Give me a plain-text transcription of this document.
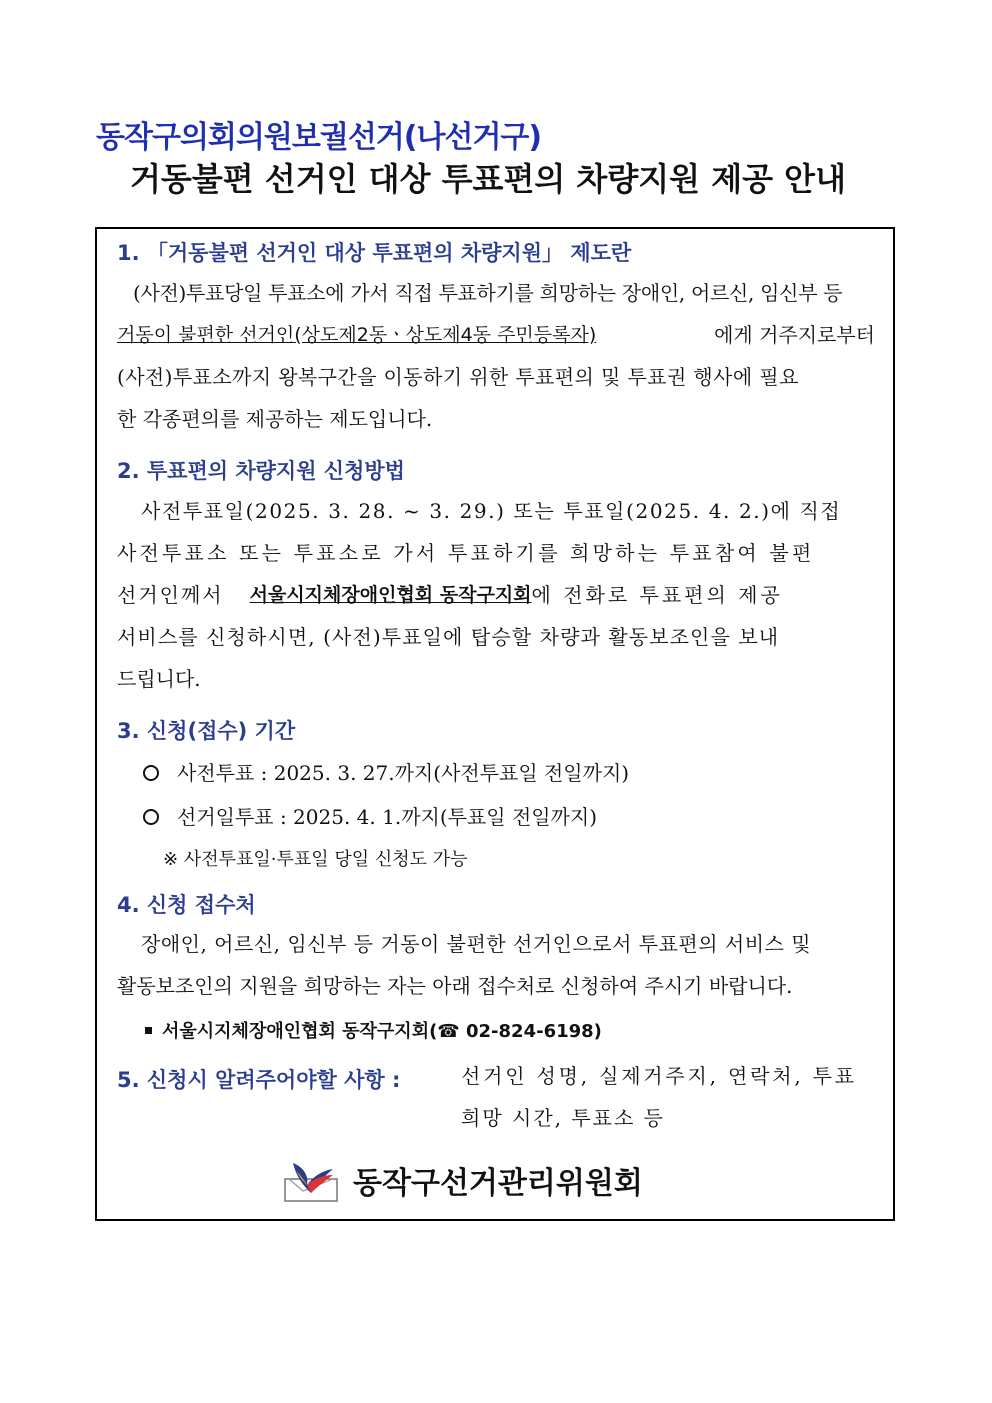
동작구의회의원보궐선거(나선거구)
거동불편 선거인 대상 투표편의 차량지원 제공 안내
1. 「거동불편 선거인 대상 투표편의 차량지원」 제도란
(사전)투표당일 투표소에 가서 직접 투표하기를 희망하는 장애인, 어르신, 임신부 등
거동이 불편한 선거인(상도제2동ㆍ상도제4동 주민등록자)	에게 거주지로부터
(사전)투표소까지 왕복구간을 이동하기 위한 투표편의 및 투표권 행사에 필요
한 각종편의를 제공하는 제도입니다.
2. 투표편의 차량지원 신청방법
사전투표일(2025. 3. 28. ~ 3. 29.) 또는 투표일(2025. 4. 2.)에 직접
사전투표소 또는 투표소로 가서 투표하기를 희망하는 투표참여 불편
선거인께서 서울시지체장애인협회 동작구지회 에 전화로 투표편의 제공
서비스를 신청하시면, (사전)투표일에 탑승할 차량과 활동보조인을 보내
드립니다.
3. 신청(접수) 기간
사전투표 : 2025. 3. 27.까지(사전투표일 전일까지)
선거일투표 : 2025. 4. 1.까지(투표일 전일까지)
※ 사전투표일·투표일 당일 신청도 가능
4. 신청 접수처
장애인, 어르신, 임신부 등 거동이 불편한 선거인으로서 투표편의 서비스 및
활동보조인의 지원을 희망하는 자는 아래 접수처로 신청하여 주시기 바랍니다.
서울시지체장애인협회 동작구지회(☎ 02-824-6198)
5. 신청시 알려주어야할 사항 :	선거인 성명, 실제거주지, 연락처, 투표
희망 시간, 투표소 등
동작구선거관리위원회
